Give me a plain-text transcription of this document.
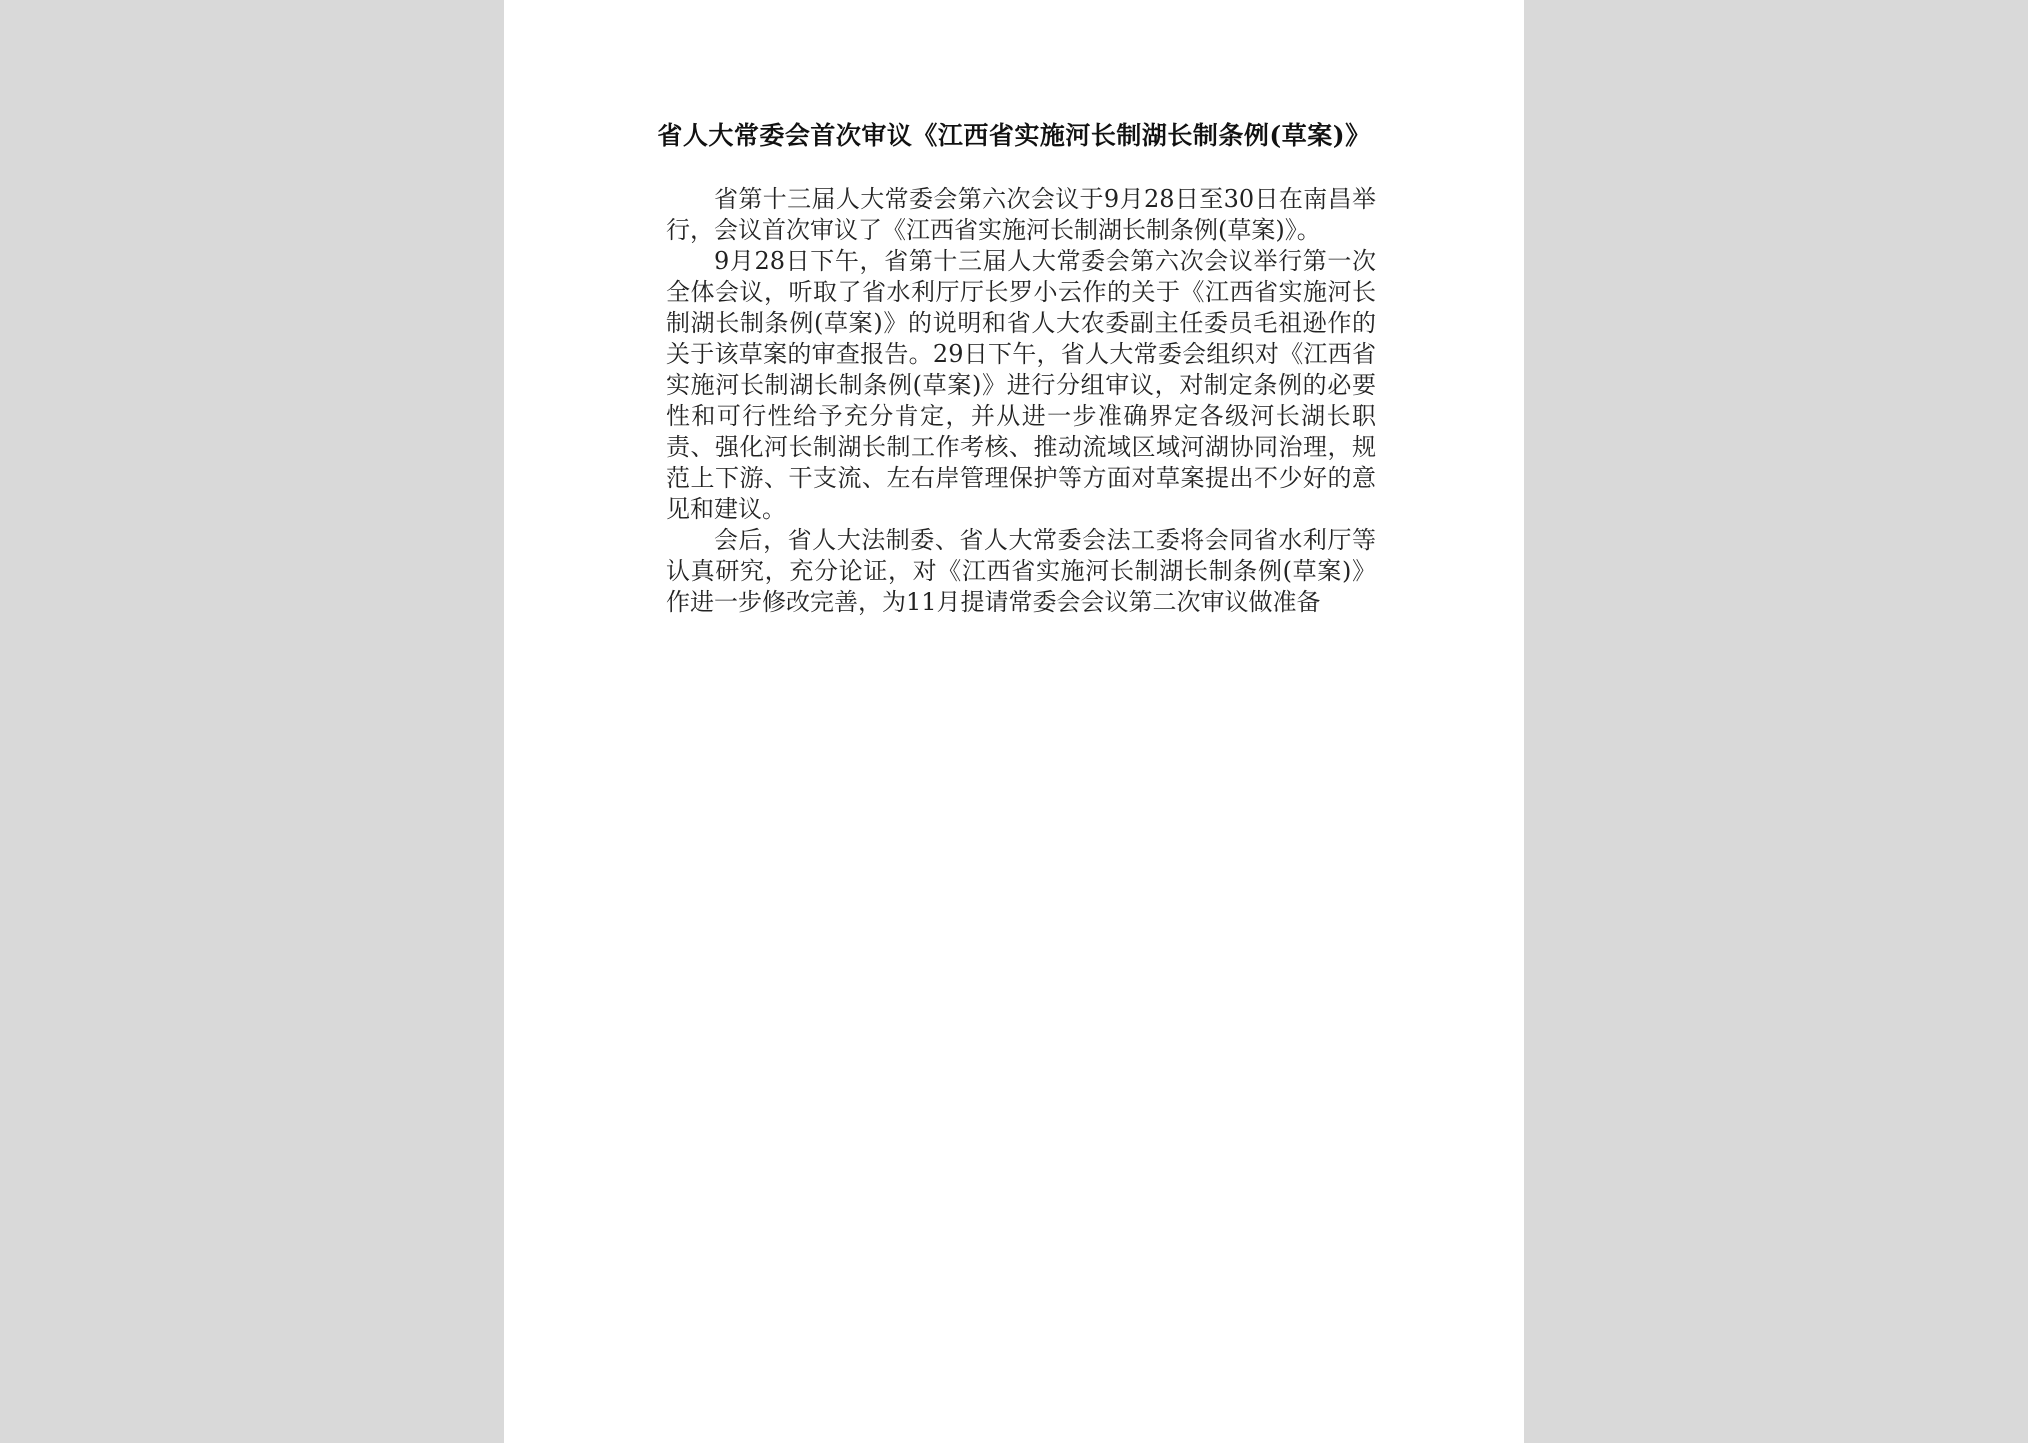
省人大常委会首次审议《江西省实施河长制湖长制条例(草案)》

省第十三届人大常委会第六次会议于9月28日至30日在南昌举行，会议首次审议了《江西省实施河长制湖长制条例(草案)》。

9月28日下午，省第十三届人大常委会第六次会议举行第一次全体会议，听取了省水利厅厅长罗小云作的关于《江西省实施河长制湖长制条例(草案)》的说明和省人大农委副主任委员毛祖逊作的关于该草案的审查报告。29日下午，省人大常委会组织对《江西省实施河长制湖长制条例(草案)》进行分组审议，对制定条例的必要性和可行性给予充分肯定，并从进一步准确界定各级河长湖长职责、强化河长制湖长制工作考核、推动流域区域河湖协同治理，规范上下游、干支流、左右岸管理保护等方面对草案提出不少好的意见和建议。

会后，省人大法制委、省人大常委会法工委将会同省水利厅等认真研究，充分论证，对《江西省实施河长制湖长制条例(草案)》作进一步修改完善，为11月提请常委会会议第二次审议做准备
